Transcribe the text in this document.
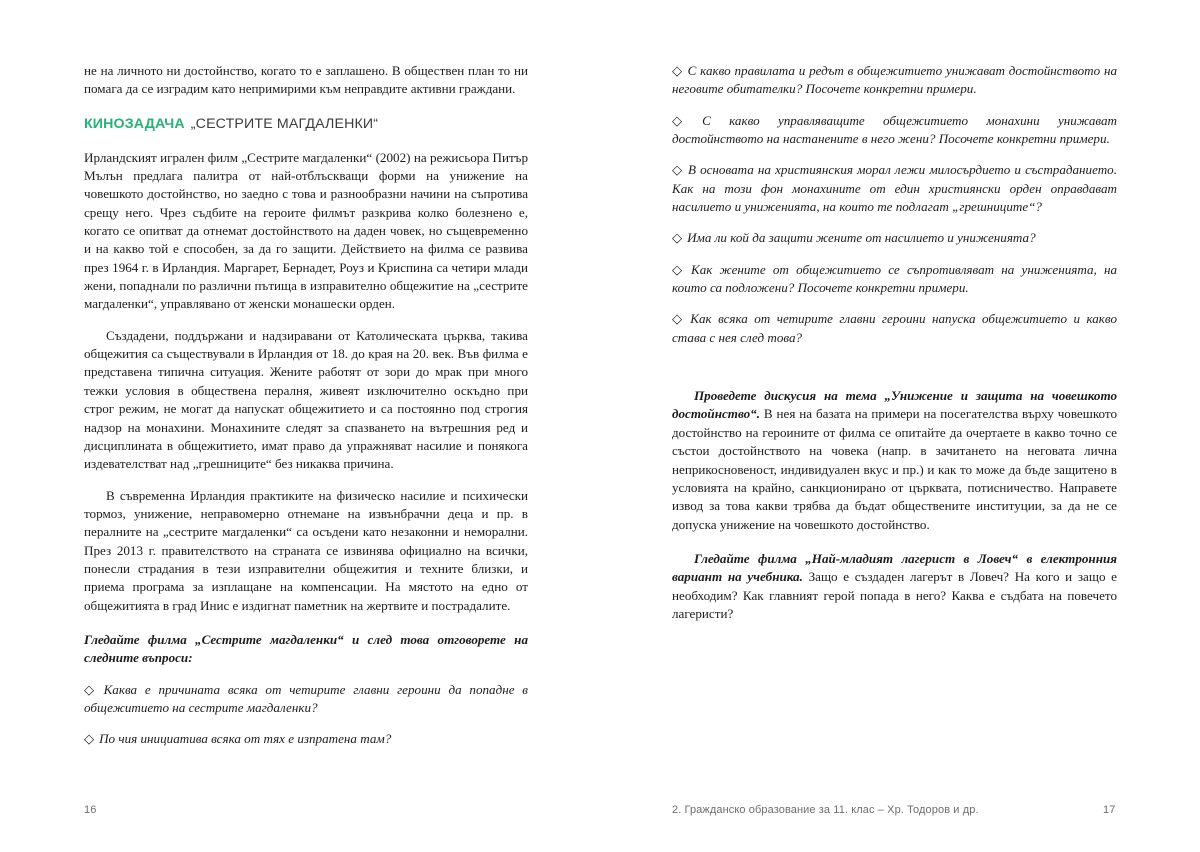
не на личното ни достойнство, когато то е заплашено. В обществен план то ни помага да се изградим като непримирими към неправдите активни граждани.

КИНОЗАДАЧА „СЕСТРИТЕ МАГДАЛЕНКИ“

Ирландският игрален филм „Сестрите магдаленки“ (2002) на режисьора Питър Мълън предлага палитра от най-отблъскващи форми на унижение на човешкото достойнство, но заедно с това и разнообразни начини на съпротива срещу него. Чрез съдбите на героите филмът разкрива колко болезнено е, когато се опитват да отнемат достойнството на даден човек, но същевременно и на какво той е способен, за да го защити. Действието на филма се развива през 1964 г. в Ирландия. Маргарет, Бернадет, Роуз и Криспина са четири млади жени, попаднали по различни пътища в изправително общежитие на „сестрите магдаленки“, управлявано от женски монашески орден.

Създадени, поддържани и надзиравани от Католическата църква, такива общежития са съществували в Ирландия от 18. до края на 20. век. Във филма е представена типична ситуация. Жените работят от зори до мрак при много тежки условия в обществена пералня, живеят изключително оскъдно при строг режим, не могат да напускат общежитието и са постоянно под строгия надзор на монахини. Монахините следят за спазването на вътрешния ред и дисциплината в общежитието, имат право да упражняват насилие и понякога издевателстват над „грешниците“ без никаква причина.

В съвременна Ирландия практиките на физическо насилие и психически тормоз, унижение, неправомерно отнемане на извънбрачни деца и пр. в пералните на „сестрите магдаленки“ са осъдени като незаконни и неморални. През 2013 г. правителството на страната се извинява официално на всички, понесли страдания в тези изправителни общежития и техните близки, и приема програма за изплащане на компенсации. На мястото на едно от общежитията в град Инис е издигнат паметник на жертвите и пострадалите.

Гледайте филма „Сестрите магдаленки“ и след това отговорете на следните въпроси:

◇ Каква е причината всяка от четирите главни героини да попадне в общежитието на сестрите магдаленки?

◇ По чия инициатива всяка от тях е изпратена там?

16

◇ С какво правилата и редът в общежитието унижават достойнството на неговите обитателки? Посочете конкретни примери.

◇ С какво управляващите общежитието монахини унижават достойнството на настанените в него жени? Посочете конкретни примери.

◇ В основата на християнския морал лежи милосърдието и състраданието. Как на този фон монахините от един християнски орден оправдават насилието и униженията, на които те подлагат „грешниците“?

◇ Има ли кой да защити жените от насилието и униженията?

◇ Как жените от общежитието се съпротивляват на униженията, на които са подложени? Посочете конкретни примери.

◇ Как всяка от четирите главни героини напуска общежитието и какво става с нея след това?

Проведете дискусия на тема „Унижение и защита на човешкото достойнство“. В нея на базата на примери на посегателства върху човешкото достойнство на героините от филма се опитайте да очертаете в какво точно се състои достойнството на човека (напр. в зачитането на неговата лична неприкосновеност, индивидуален вкус и пр.) и как то може да бъде защитено в условията на крайно, санкционирано от църквата, потисничество. Направете извод за това какви трябва да бъдат обществените институции, за да не се допуска унижение на човешкото достойнство.

Гледайте филма „Най-младият лагерист в Ловеч“ в електронния вариант на учебника. Защо е създаден лагерът в Ловеч? На кого и защо е необходим? Как главният герой попада в него? Каква е съдбата на повечето лагеристи?

2. Гражданско образование за 11. клас – Хр. Тодоров и др.	17
